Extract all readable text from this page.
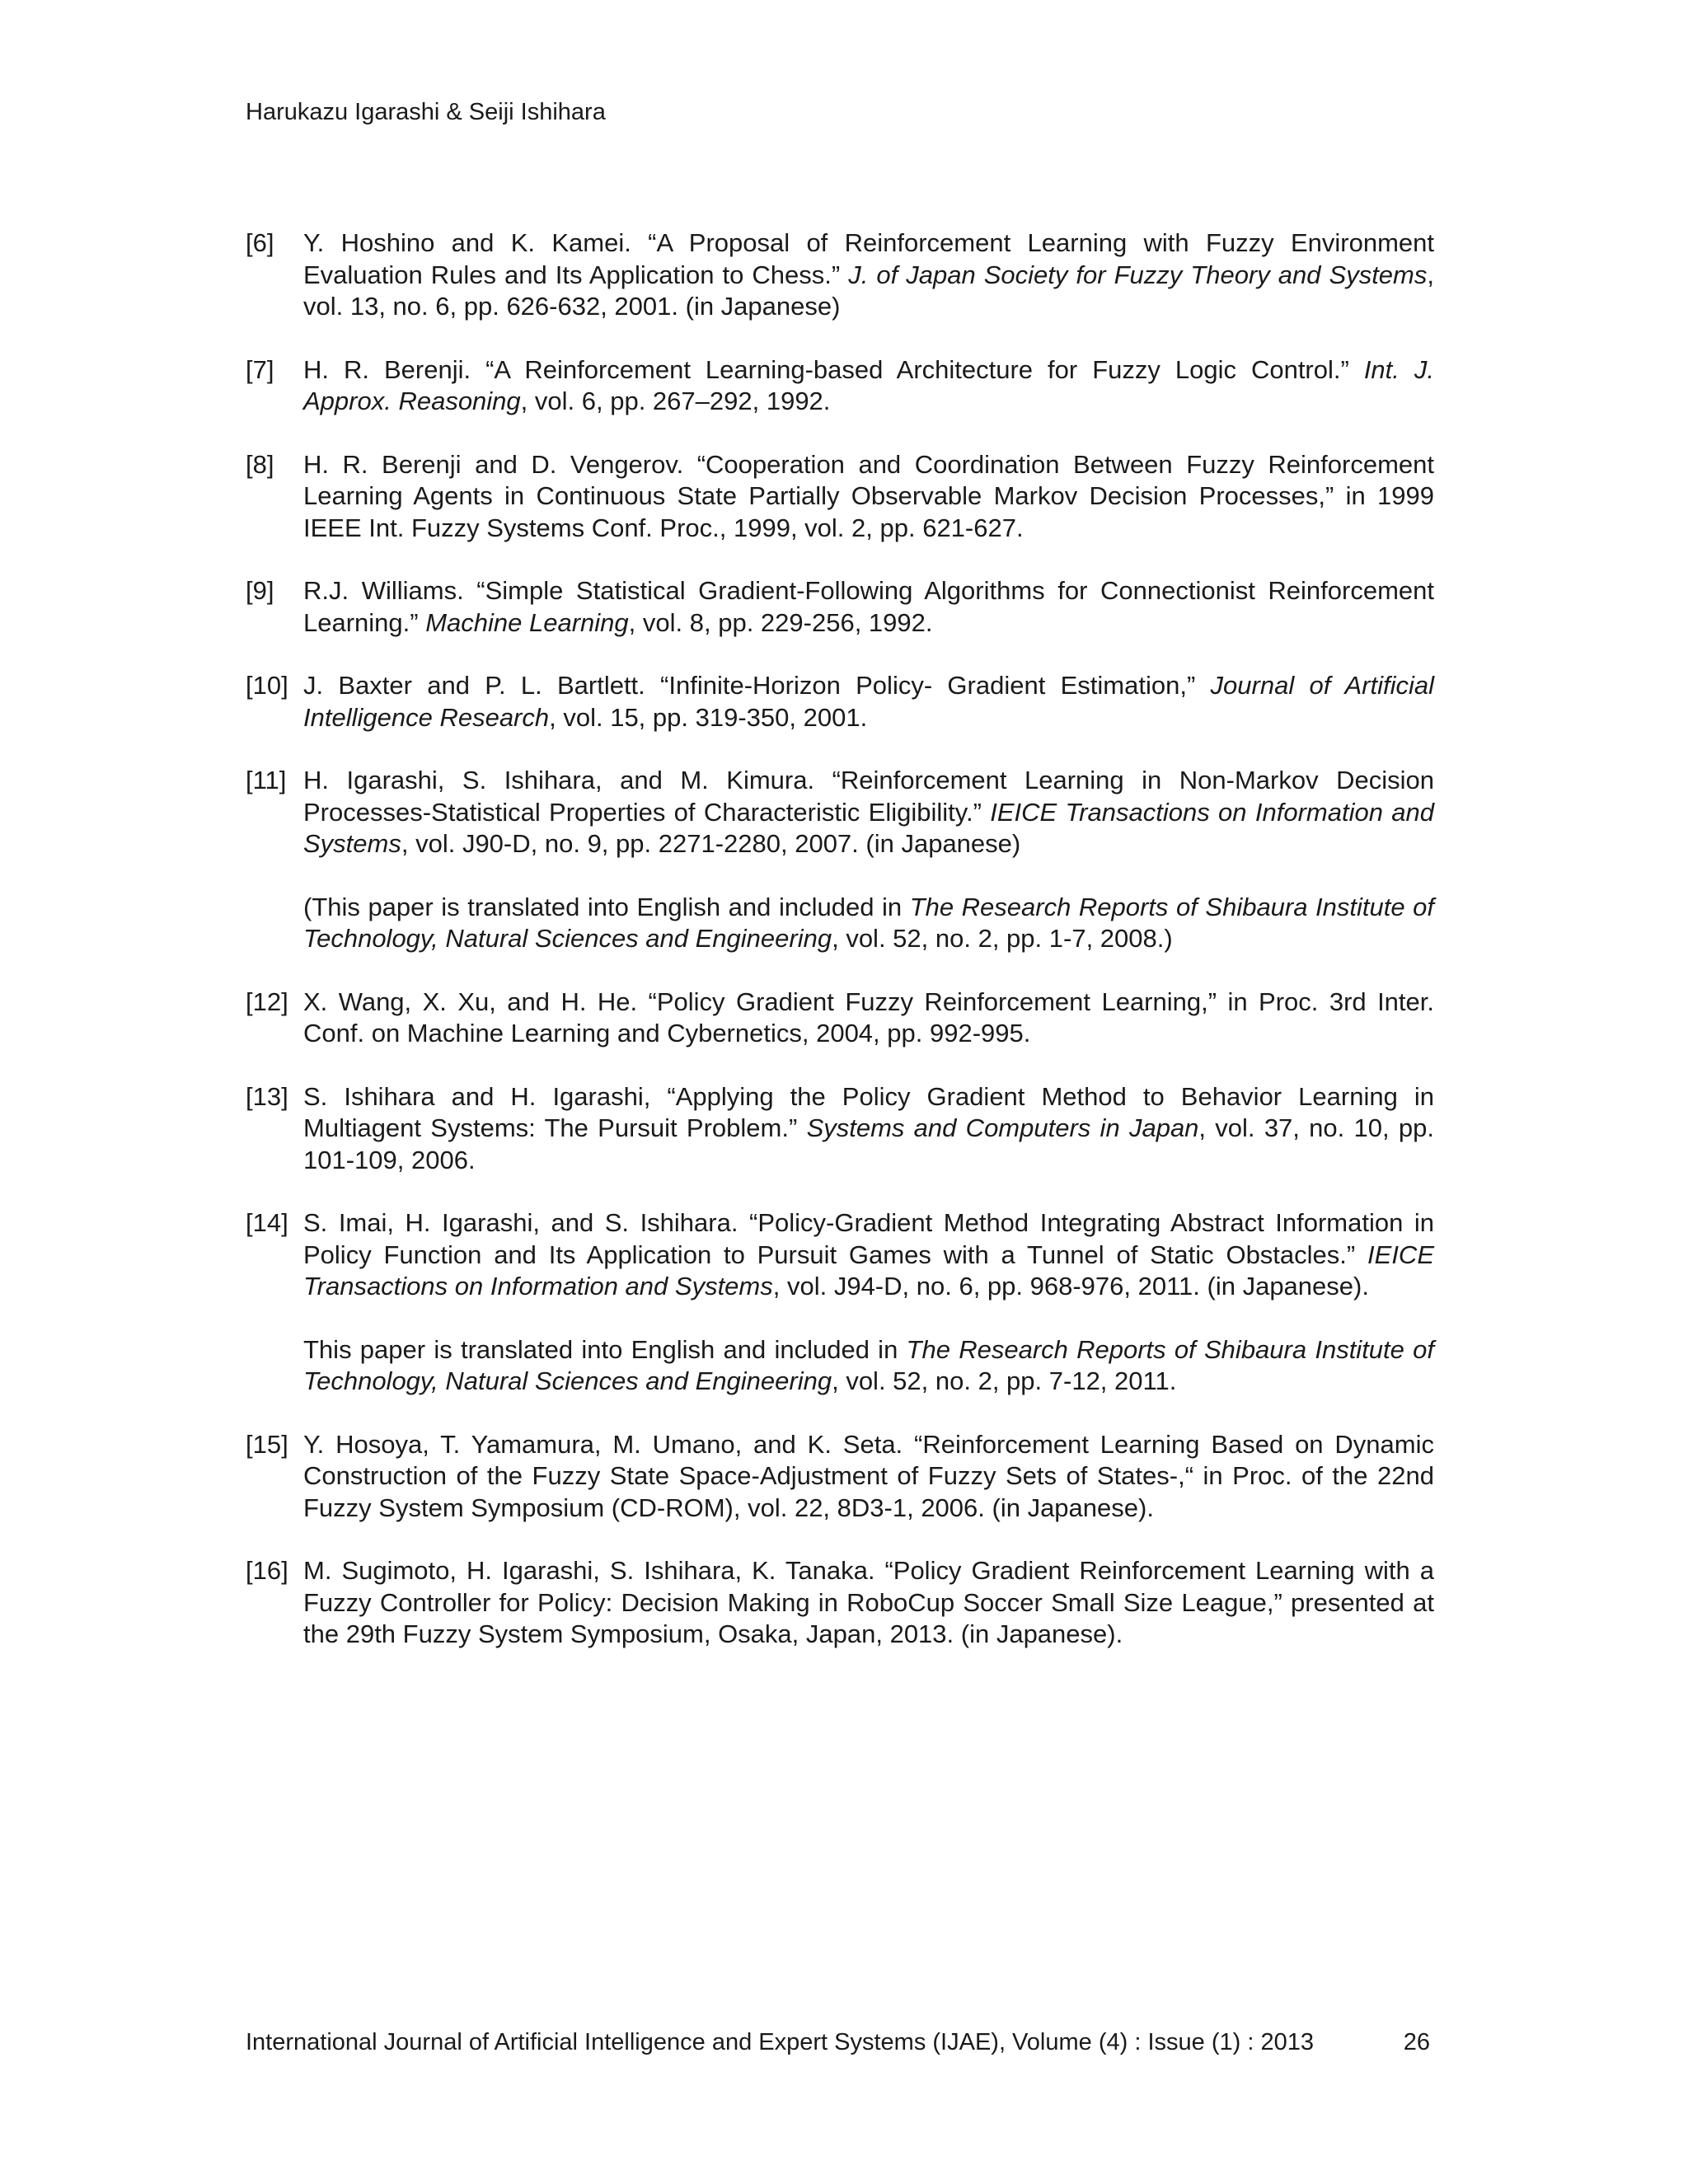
Harukazu Igarashi & Seiji Ishihara
[6]	Y. Hoshino and K. Kamei. “A Proposal of Reinforcement Learning with Fuzzy Environment Evaluation Rules and Its Application to Chess.” J. of Japan Society for Fuzzy Theory and Systems, vol. 13, no. 6, pp. 626-632, 2001. (in Japanese)
[7]	H. R. Berenji. “A Reinforcement Learning-based Architecture for Fuzzy Logic Control.” Int. J. Approx. Reasoning, vol. 6, pp. 267–292, 1992.
[8]	H. R. Berenji and D. Vengerov. “Cooperation and Coordination Between Fuzzy Reinforcement Learning Agents in Continuous State Partially Observable Markov Decision Processes,” in 1999 IEEE Int. Fuzzy Systems Conf. Proc., 1999, vol. 2, pp. 621-627.
[9]	R.J. Williams. “Simple Statistical Gradient-Following Algorithms for Connectionist Reinforcement Learning.” Machine Learning, vol. 8, pp. 229-256, 1992.
[10] J. Baxter and P. L. Bartlett. “Infinite-Horizon Policy- Gradient Estimation,” Journal of Artificial Intelligence Research, vol. 15, pp. 319-350, 2001.
[11] H. Igarashi, S. Ishihara, and M. Kimura. “Reinforcement Learning in Non-Markov Decision Processes-Statistical Properties of Characteristic Eligibility.” IEICE Transactions on Information and Systems, vol. J90-D, no. 9, pp. 2271-2280, 2007. (in Japanese)
(This paper is translated into English and included in The Research Reports of Shibaura Institute of Technology, Natural Sciences and Engineering, vol. 52, no. 2, pp. 1-7, 2008.)
[12] X. Wang, X. Xu, and H. He. “Policy Gradient Fuzzy Reinforcement Learning,” in Proc. 3rd Inter. Conf. on Machine Learning and Cybernetics, 2004, pp. 992-995.
[13] S. Ishihara and H. Igarashi, “Applying the Policy Gradient Method to Behavior Learning in Multiagent Systems: The Pursuit Problem.” Systems and Computers in Japan, vol. 37, no. 10, pp. 101-109, 2006.
[14] S. Imai, H. Igarashi, and S. Ishihara. “Policy-Gradient Method Integrating Abstract Information in Policy Function and Its Application to Pursuit Games with a Tunnel of Static Obstacles.” IEICE Transactions on Information and Systems, vol. J94-D, no. 6, pp. 968-976, 2011. (in Japanese).
This paper is translated into English and included in The Research Reports of Shibaura Institute of Technology, Natural Sciences and Engineering, vol. 52, no. 2, pp. 7-12, 2011.
[15] Y. Hosoya, T. Yamamura, M. Umano, and K. Seta. “Reinforcement Learning Based on Dynamic Construction of the Fuzzy State Space-Adjustment of Fuzzy Sets of States-,“ in Proc. of the 22nd Fuzzy System Symposium (CD-ROM), vol. 22, 8D3-1, 2006. (in Japanese).
[16] M. Sugimoto, H. Igarashi, S. Ishihara, K. Tanaka. “Policy Gradient Reinforcement Learning with a Fuzzy Controller for Policy: Decision Making in RoboCup Soccer Small Size League,” presented at the 29th Fuzzy System Symposium, Osaka, Japan, 2013. (in Japanese).
International Journal of Artificial Intelligence and Expert Systems (IJAE), Volume (4) : Issue (1) : 2013	26
